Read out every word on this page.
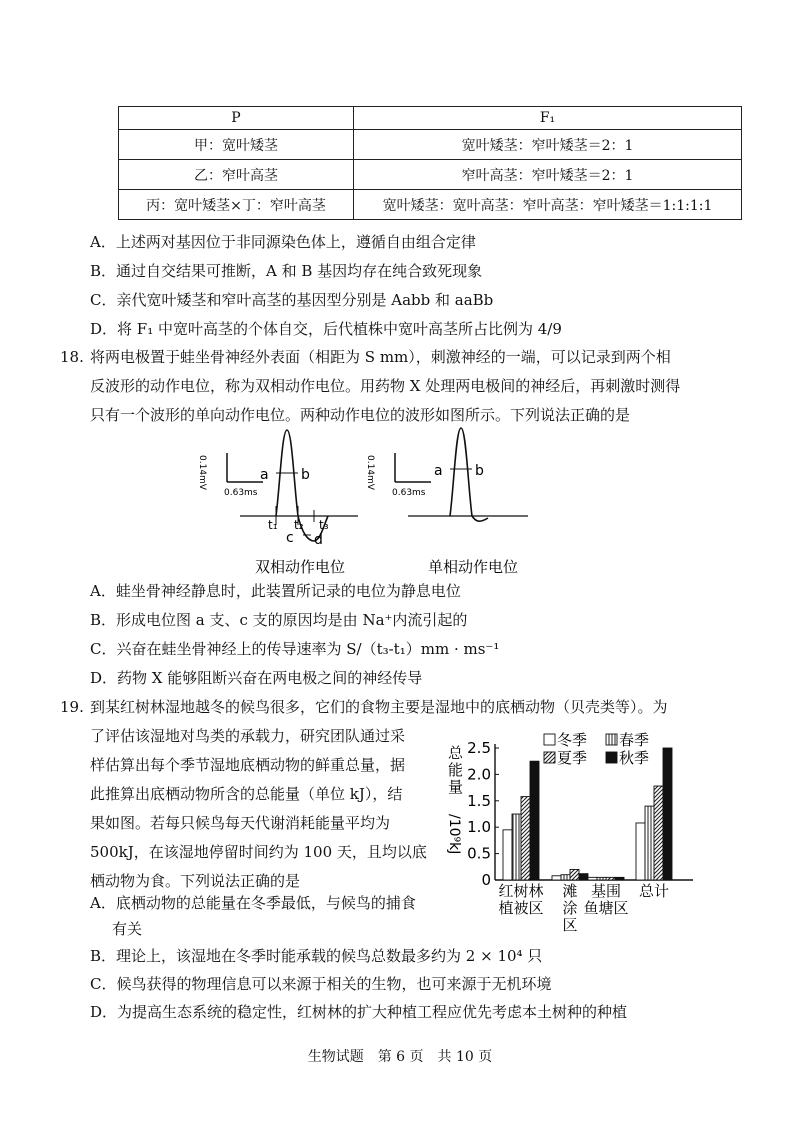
P	F₁
甲：宽叶矮茎	宽叶矮茎：窄叶矮茎＝2：1
乙：窄叶高茎	窄叶高茎：窄叶矮茎＝2：1
丙：宽叶矮茎×丁：窄叶高茎	宽叶矮茎：宽叶高茎：窄叶高茎：窄叶矮茎＝1:1:1:1
A．上述两对基因位于非同源染色体上，遵循自由组合定律
B．通过自交结果可推断，A 和 B 基因均存在纯合致死现象
C．亲代宽叶矮茎和窄叶高茎的基因型分别是 Aabb 和 aaBb
D．将 F₁ 中宽叶高茎的个体自交，后代植株中宽叶高茎所占比例为 4/9
18. 将两电极置于蛙坐骨神经外表面（相距为 S mm），刺激神经的一端，可以记录到两个相
反波形的动作电位，称为双相动作电位。用药物 X 处理两电极间的神经后，再刺激时测得
只有一个波形的单向动作电位。两种动作电位的波形如图所示。下列说法正确的是
0.14mV
0.63ms
a b
t₁ t₂ t₃
c d
双相动作电位
0.14mV
0.63ms
a b
单相动作电位
A．蛙坐骨神经静息时，此装置所记录的电位为静息电位
B．形成电位图 a 支、c 支的原因均是由 Na⁺内流引起的
C．兴奋在蛙坐骨神经上的传导速率为 S/（t₃-t₁）mm · ms⁻¹
D．药物 X 能够阻断兴奋在两电极之间的神经传导
19. 到某红树林湿地越冬的候鸟很多，它们的食物主要是湿地中的底栖动物（贝壳类等）。为
了评估该湿地对鸟类的承载力，研究团队通过采
样估算出每个季节湿地底栖动物的鲜重总量，据
此推算出底栖动物所含的总能量（单位 kJ），结
果如图。若每只候鸟每天代谢消耗能量平均为
500kJ，在该湿地停留时间约为 100 天，且均以底
栖动物为食。下列说法正确的是
A．底栖动物的总能量在冬季最低，与候鸟的捕食
有关
B．理论上，该湿地在冬季时能承载的候鸟总数最多约为 2 × 10⁴ 只
C．候鸟获得的物理信息可以来源于相关的生物，也可来源于无机环境
D．为提高生态系统的稳定性，红树林的扩大种植工程应优先考虑本土树种的种植
0
0.5
1.0
1.5
2.0
2.5
总
能
量
/10⁹kJ
冬季 春季
夏季 秋季
红树林
植被区
滩
涂
区
基围
鱼塘区
总计
生物试题　第 6 页　共 10 页
